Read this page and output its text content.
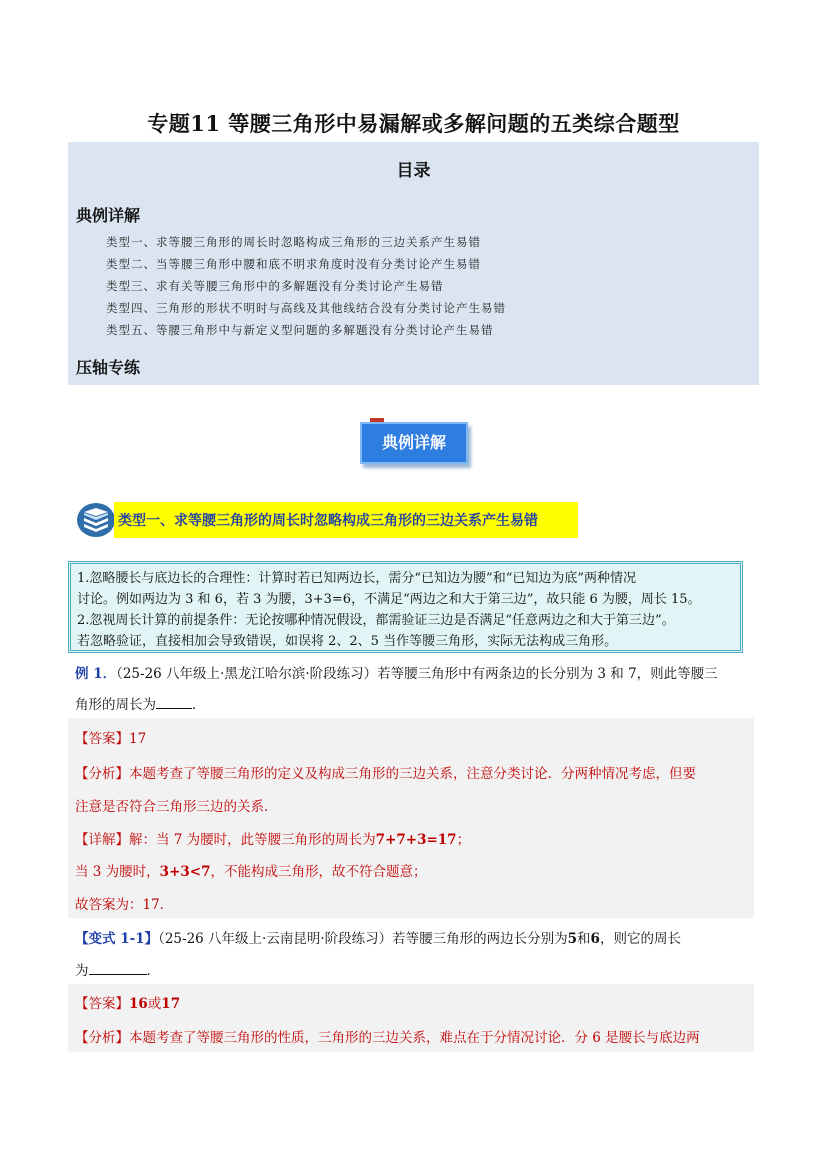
专题11 等腰三角形中易漏解或多解问题的五类综合题型
目录
典例详解
类型一、求等腰三角形的周长时忽略构成三角形的三边关系产生易错
类型二、当等腰三角形中腰和底不明求角度时没有分类讨论产生易错
类型三、求有关等腰三角形中的多解题没有分类讨论产生易错
类型四、三角形的形状不明时与高线及其他线结合没有分类讨论产生易错
类型五、等腰三角形中与新定义型问题的多解题没有分类讨论产生易错
压轴专练
典例详解
类型一、求等腰三角形的周长时忽略构成三角形的三边关系产生易错
1.忽略腰长与底边长的合理性：计算时若已知两边长，需分“已知边为腰”和“已知边为底”两种情况
讨论。例如两边为 3 和 6，若 3 为腰，3+3=6，不满足“两边之和大于第三边”，故只能 6 为腰，周长 15。
2.忽视周长计算的前提条件：无论按哪种情况假设，都需验证三边是否满足“任意两边之和大于第三边”。
若忽略验证，直接相加会导致错误，如误将 2、2、5 当作等腰三角形，实际无法构成三角形。
例 1．（25-26 八年级上·黑龙江哈尔滨·阶段练习）若等腰三角形中有两条边的长分别为 3 和 7，则此等腰三
角形的周长为	．
【答案】17
【分析】本题考查了等腰三角形的定义及构成三角形的三边关系，注意分类讨论．分两种情况考虑，但要
注意是否符合三角形三边的关系．
【详解】解：当 7 为腰时，此等腰三角形的周长为7+7+3=17；
当 3 为腰时，3+3<7，不能构成三角形，故不符合题意；
故答案为：17．
【变式 1-1】（25-26 八年级上·云南昆明·阶段练习）若等腰三角形的两边长分别为5和6，则它的周长
为	．
【答案】16或17
【分析】本题考查了等腰三角形的性质，三角形的三边关系，难点在于分情况讨论．分 6 是腰长与底边两
